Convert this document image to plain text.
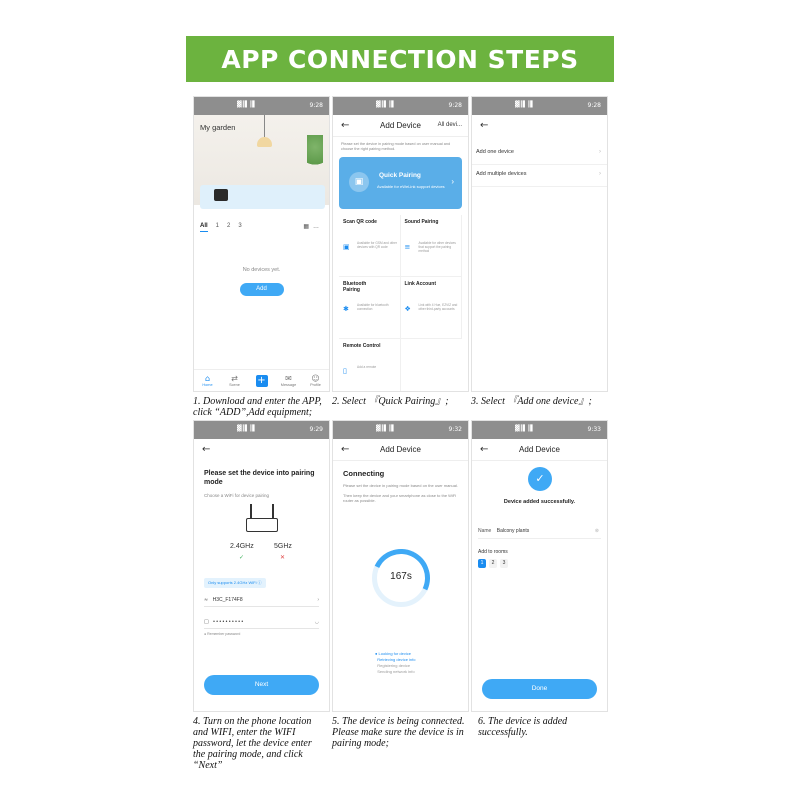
APP CONNECTION STEPS
▓┃▌┃▌	9:28
My garden
All 1 2 3	▦…
No devices yet.
Add
⌂
Home
⇄
Scene	+	✉
Message
☺
Profile
▓┃▌┃▌	9:28
←	Add Device	All devi...
Please set the device in pairing mode based on user manual and choose the right pairing method.
▣
Quick Pairing
Available for eWeLink support devices
›
Scan QR code
▣ Available for GSM and other devices with QR code
Sound Pairing
≡	Available for other devices that support the pairing method
Bluetooth Pairing
✱	Available for bluetooth connection
Link Account
❖ Link with 4 Hue, EZVIZ and other third-party accounts
Remote Control
▯	Add a remote
▓┃▌┃▌	9:28
←
Add one device	›
Add multiple devices	›
1. Download and enter the APP, click “ADD”,Add equipment;
2. Select 『Quick Pairing』;	3. Select 『Add one device』;
▓┃▌┃▌	9:29
←
Please set the device into pairing mode
Choose a WiFi for device pairing
2.4GHz	5GHz
✓	✕
Only supports 2.4GHz WiFi ⓘ
≈ H3C_F174F8	›
□ • • • • • • • • • •	◡
● Remember password
Next
▓┃▌┃▌	9:32
←	Add Device
Connecting
Please set the device in pairing mode based on the user manual.
Then keep the device and your smartphone as close to the WiFi router as possible.
167s
● Looking for device
Retrieving device info
Registering device
Sending network info
▓┃▌┃▌	9:33
←	Add Device
✓
Device added successfully.
Name Balcony plants	⊗
Add to rooms
1	2	3
Done
4. Turn on the phone location and WIFI, enter the WIFI password, let the device enter the pairing mode, and click “Next”
5. The device is being connected. Please make sure the device is in pairing mode;
6. The device is added successfully.
